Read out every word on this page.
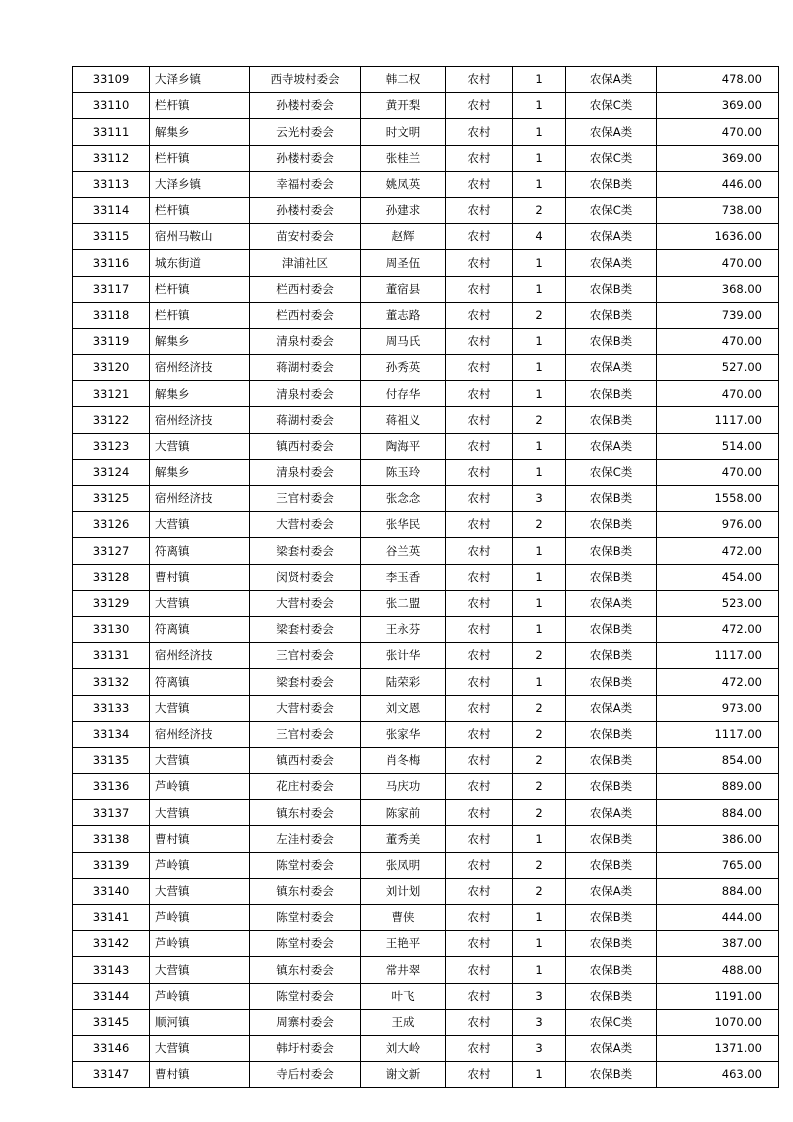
33109	大泽乡镇	西寺坡村委会	韩二权	农村	1	农保A类	478.00
33110	栏杆镇	孙楼村委会	黄开梨	农村	1	农保C类	369.00
33111	解集乡	云光村委会	时文明	农村	1	农保A类	470.00
33112	栏杆镇	孙楼村委会	张桂兰	农村	1	农保C类	369.00
33113	大泽乡镇	幸福村委会	姚凤英	农村	1	农保B类	446.00
33114	栏杆镇	孙楼村委会	孙建求	农村	2	农保C类	738.00
33115	宿州马鞍山	苗安村委会	赵辉	农村	4	农保A类	1636.00
33116	城东街道	津浦社区	周圣伍	农村	1	农保A类	470.00
33117	栏杆镇	栏西村委会	董宿县	农村	1	农保B类	368.00
33118	栏杆镇	栏西村委会	董志路	农村	2	农保B类	739.00
33119	解集乡	清泉村委会	周马氏	农村	1	农保B类	470.00
33120	宿州经济技	蒋湖村委会	孙秀英	农村	1	农保A类	527.00
33121	解集乡	清泉村委会	付存华	农村	1	农保B类	470.00
33122	宿州经济技	蒋湖村委会	蒋祖义	农村	2	农保B类	1117.00
33123	大营镇	镇西村委会	陶海平	农村	1	农保A类	514.00
33124	解集乡	清泉村委会	陈玉玲	农村	1	农保C类	470.00
33125	宿州经济技	三官村委会	张念念	农村	3	农保B类	1558.00
33126	大营镇	大营村委会	张华民	农村	2	农保B类	976.00
33127	符离镇	梁套村委会	谷兰英	农村	1	农保B类	472.00
33128	曹村镇	闵贤村委会	李玉香	农村	1	农保B类	454.00
33129	大营镇	大营村委会	张二盟	农村	1	农保A类	523.00
33130	符离镇	梁套村委会	王永芬	农村	1	农保B类	472.00
33131	宿州经济技	三官村委会	张计华	农村	2	农保B类	1117.00
33132	符离镇	梁套村委会	陆荣彩	农村	1	农保B类	472.00
33133	大营镇	大营村委会	刘文恩	农村	2	农保A类	973.00
33134	宿州经济技	三官村委会	张家华	农村	2	农保B类	1117.00
33135	大营镇	镇西村委会	肖冬梅	农村	2	农保B类	854.00
33136	芦岭镇	花庄村委会	马庆功	农村	2	农保B类	889.00
33137	大营镇	镇东村委会	陈家前	农村	2	农保A类	884.00
33138	曹村镇	左洼村委会	董秀美	农村	1	农保B类	386.00
33139	芦岭镇	陈堂村委会	张凤明	农村	2	农保B类	765.00
33140	大营镇	镇东村委会	刘计划	农村	2	农保A类	884.00
33141	芦岭镇	陈堂村委会	曹侠	农村	1	农保B类	444.00
33142	芦岭镇	陈堂村委会	王艳平	农村	1	农保B类	387.00
33143	大营镇	镇东村委会	常井翠	农村	1	农保B类	488.00
33144	芦岭镇	陈堂村委会	叶飞	农村	3	农保B类	1191.00
33145	顺河镇	周寨村委会	王成	农村	3	农保C类	1070.00
33146	大营镇	韩圩村委会	刘大岭	农村	3	农保A类	1371.00
33147	曹村镇	寺后村委会	谢文新	农村	1	农保B类	463.00
